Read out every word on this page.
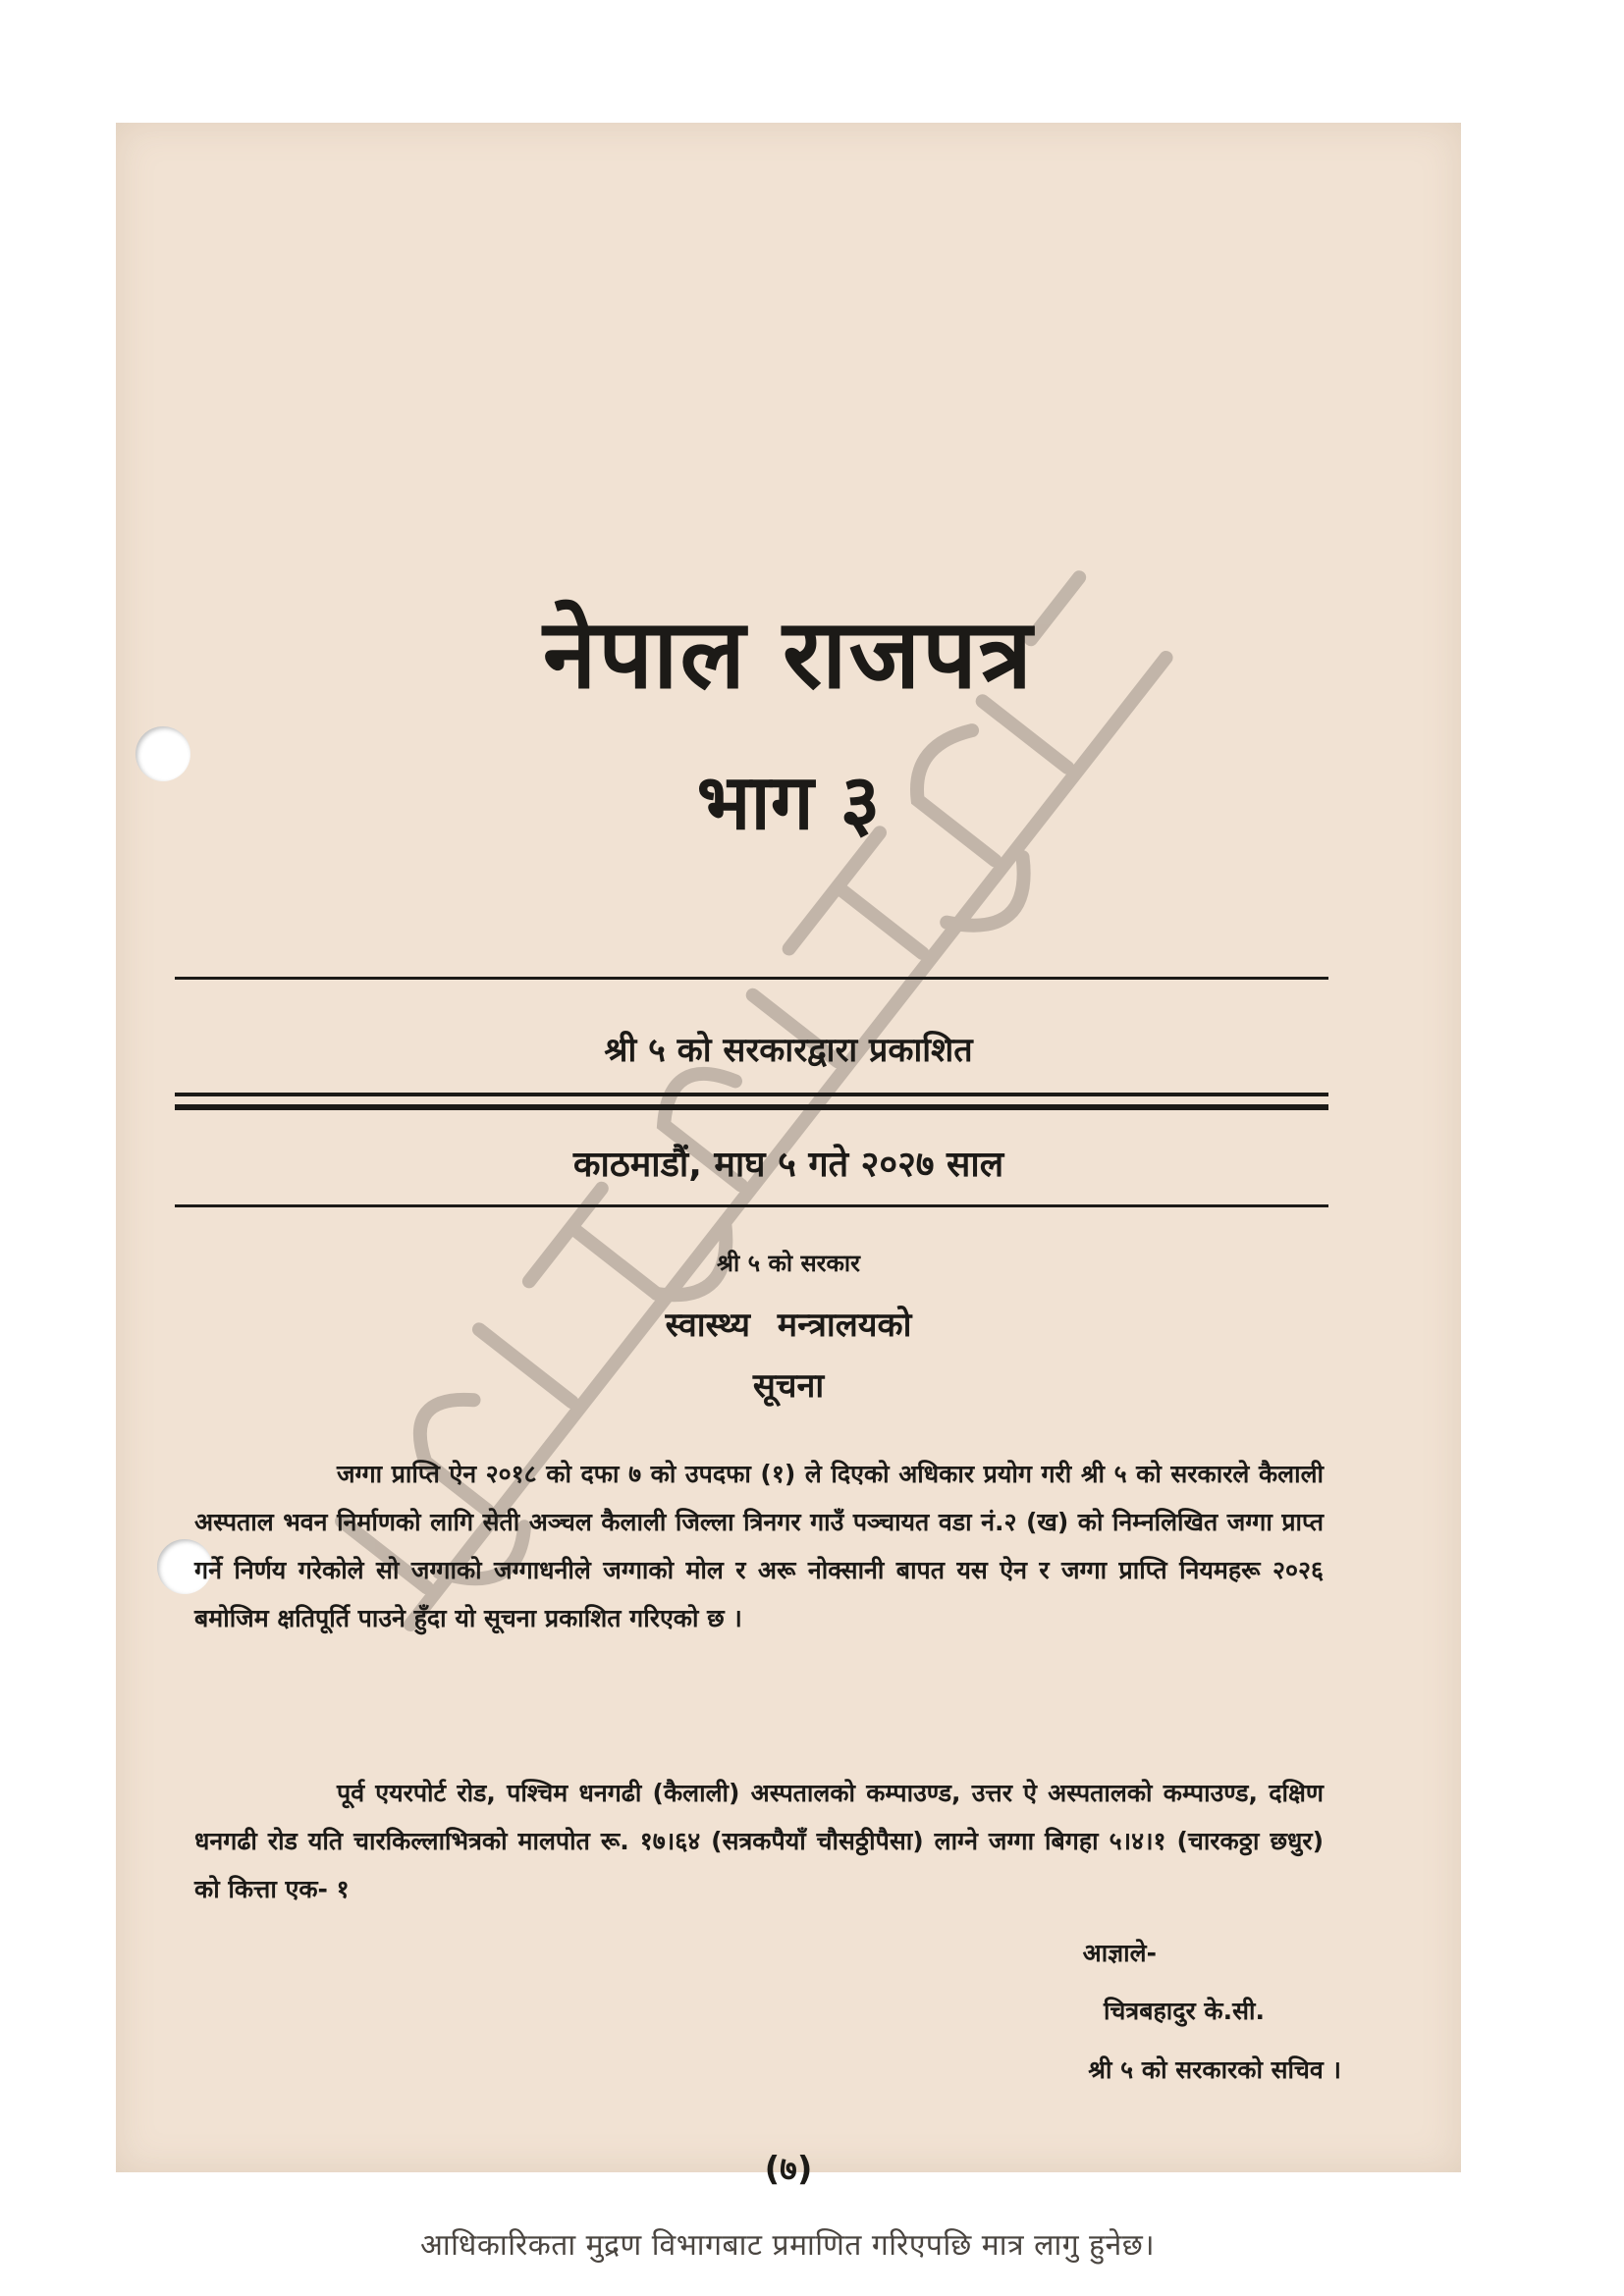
नेपाल राजपत्र
भाग ३
श्री ५ को सरकारद्वारा प्रकाशित
काठमाडौं, माघ ५ गते २०२७ साल
श्री ५ को सरकार
स्वास्थ्य मन्त्रालयको
सूचना

जग्गा प्राप्ति ऐन २०१८ को दफा ७ को उपदफा (१) ले दिएको अधिकार प्रयोग गरी श्री ५ को सरकारले कैलाली अस्पताल भवन निर्माणको लागि सेती अञ्चल कैलाली जिल्ला त्रिनगर गाउँ पञ्चायत वडा नं.२ (ख) को निम्नलिखित जग्गा प्राप्त गर्ने निर्णय गरेकोले सो जग्गाको जग्गाधनीले जग्गाको मोल र अरू नोक्सानी बापत यस ऐन र जग्गा प्राप्ति नियमहरू २०२६ बमोजिम क्षतिपूर्ति पाउने हुँदा यो सूचना प्रकाशित गरिएको छ ।

पूर्व एयरपोर्ट रोड, पश्चिम धनगढी (कैलाली) अस्पतालको कम्पाउण्ड, उत्तर ऐ अस्पतालको कम्पाउण्ड, दक्षिण धनगढी रोड यति चारकिल्लाभित्रको मालपोत रू. १७।६४ (सत्रकपैयाँ चौसठ्ठीपैसा) लाग्ने जग्गा बिगहा ५।४।१ (चारकठ्ठा छधुर) को कित्ता एक- १

आज्ञाले-
चित्रबहादुर के.सी.
श्री ५ को सरकारको सचिव ।
(७)
आधिकारिकता मुद्रण विभागबाट प्रमाणित गरिएपछि मात्र लागु हुनेछ।
